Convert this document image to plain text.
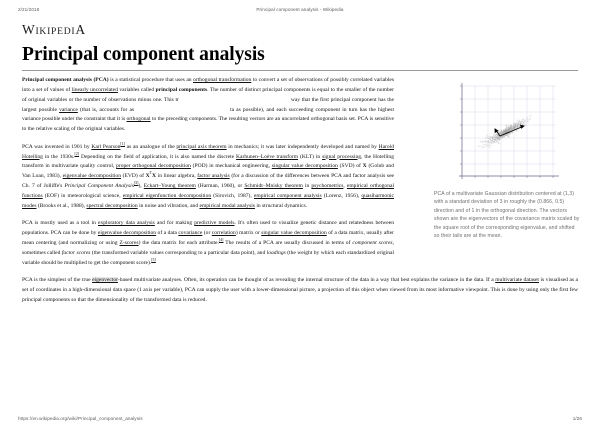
2/21/2018	Principal component analysis - Wikipedia
WIKIPEDIA
Principal component analysis
PCA of a multivariate Gaussian distribution centered at (1,3) with a standard deviation of 3 in roughly the (0.866, 0.5) direction and of 1 in the orthogonal direction. The vectors shown are the eigenvectors of the covariance matrix scaled by the square root of the corresponding eigenvalue, and shifted so their tails are at the mean.

Principal component analysis (PCA) is a statistical procedure that uses an orthogonal transformation to convert a set of observations of possibly correlated variables into a set of values of linearly uncorrelated variables called principal components. The number of distinct principal components is equal to the smaller of the number of original variables or the number of observations minus one. This tr	way that the first principal component has the largest possible variance (that is, accounts for as	ta as possible), and each succeeding component in turn has the highest variance possible under the constraint that it is orthogonal to the preceding components. The resulting vectors are an uncorrelated orthogonal basis set. PCA is sensitive to the relative scaling of the original variables.

PCA was invented in 1901 by Karl Pearson[1] as an analogue of the principal axis theorem in mechanics; it was later independently developed and named by Harold Hotelling in the 1930s.[2] Depending on the field of application, it is also named the discrete Karhunen–Loève transform (KLT) in signal processing, the Hotelling transform in multivariate quality control, proper orthogonal decomposition (POD) in mechanical engineering, singular value decomposition (SVD) of X (Golub and Van Loan, 1983), eigenvalue decomposition (EVD) of $X^TX$ in linear algebra, factor analysis (for a discussion of the differences between PCA and factor analysis see Ch. 7 of Jolliffe's Principal Component Analysis[3]), Eckart–Young theorem (Harman, 1960), or Schmidt–Mnisky theorem in psychometrics, empirical orthogonal functions (EOF) in meteorological science, empirical eigenfunction decomposition (Sirovich, 1987), empirical component analysis (Lorenz, 1956), quasiharmonic modes (Brooks et al., 1988), spectral decomposition in noise and vibration, and empirical modal analysis in structural dynamics.

PCA is mostly used as a tool in exploratory data analysis and for making predictive models. It's often used to visualize genetic distance and relatedness between populations. PCA can be done by eigenvalue decomposition of a data covariance (or correlation) matrix or singular value decomposition of a data matrix, usually after mean centering (and normalizing or using Z-scores) the data matrix for each attribute.[4] The results of a PCA are usually discussed in terms of component scores, sometimes called factor scores (the transformed variable values corresponding to a particular data point), and loadings (the weight by which each standardized original variable should be multiplied to get the component score).[5]

PCA is the simplest of the true eigenvector-based multivariate analyses. Often, its operation can be thought of as revealing the internal structure of the data in a way that best explains the variance in the data. If a multivariate dataset is visualised as a set of coordinates in a high-dimensional data space (1 axis per variable), PCA can supply the user with a lower-dimensional picture, a projection of this object when viewed from its most informative viewpoint. This is done by using only the first few principal components so that the dimensionality of the transformed data is reduced.

https://en.wikipedia.org/wiki/Principal_component_analysis	1/26
